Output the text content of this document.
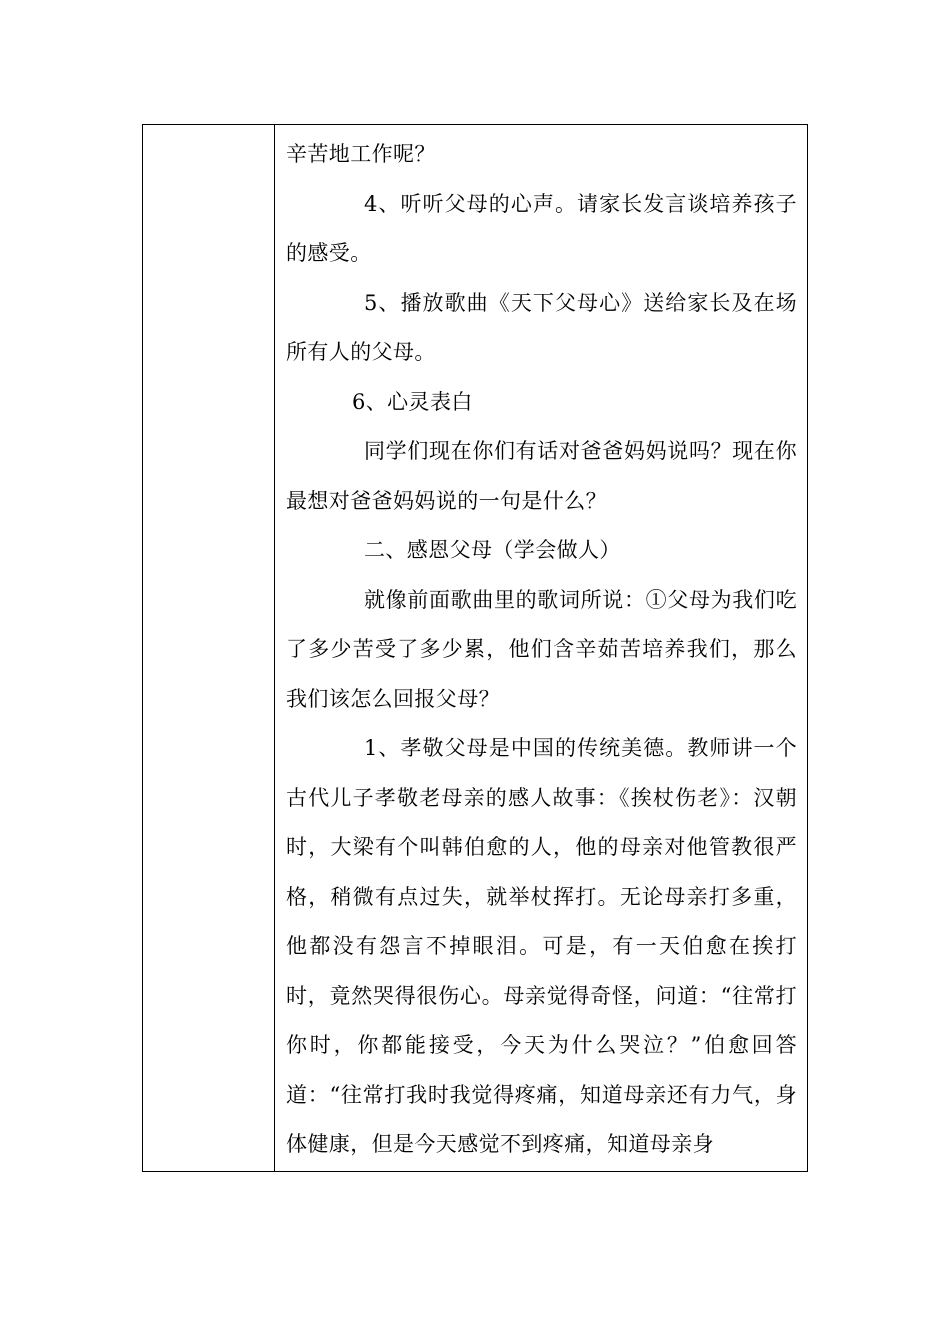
辛苦地工作呢？

4、听听父母的心声。请家长发言谈培养孩子的感受。

5、播放歌曲《天下父母心》送给家长及在场所有人的父母。

6、心灵表白

同学们现在你们有话对爸爸妈妈说吗？现在你最想对爸爸妈妈说的一句是什么？

二、感恩父母（学会做人）

就像前面歌曲里的歌词所说：①父母为我们吃了多少苦受了多少累，他们含辛茹苦培养我们，那么我们该怎么回报父母？

1、孝敬父母是中国的传统美德。教师讲一个古代儿子孝敬老母亲的感人故事：《挨杖伤老》：汉朝时，大梁有个叫韩伯愈的人，他的母亲对他管教很严格，稍微有点过失，就举杖挥打。无论母亲打多重，他都没有怨言不掉眼泪。可是，有一天伯愈在挨打时，竟然哭得很伤心。母亲觉得奇怪，问道：“往常打你时，你都能接受，今天为什么哭泣？”伯愈回答道：“往常打我时我觉得疼痛，知道母亲还有力气，身体健康，但是今天感觉不到疼痛，知道母亲身
